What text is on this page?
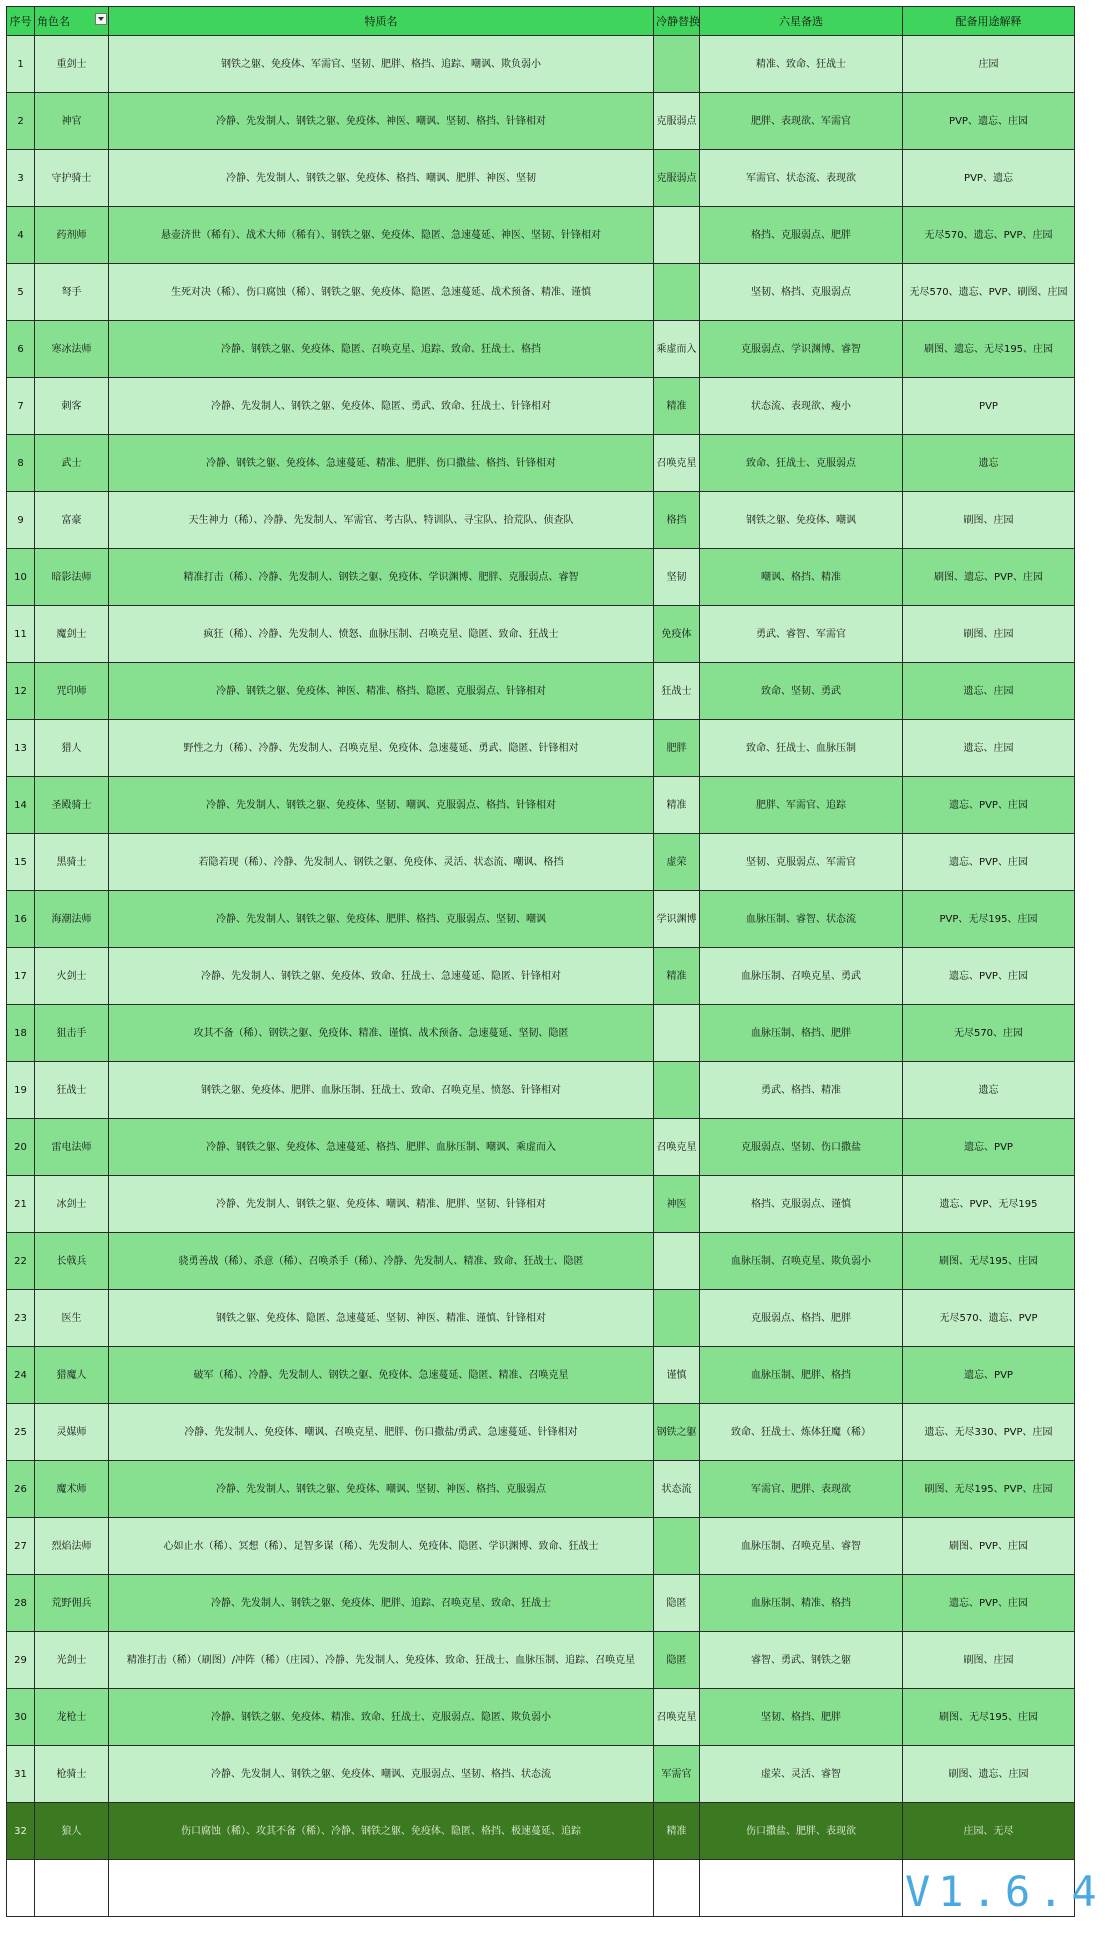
序号	角色名	特质名	冷静替换	六星备选	配备用途解释
1	重剑士	钢铁之躯、免疫体、军需官、坚韧、肥胖、格挡、追踪、嘲讽、欺负弱小		精准、致命、狂战士	庄园
2	神官	冷静、先发制人、钢铁之躯、免疫体、神医、嘲讽、坚韧、格挡、针锋相对	克服弱点	肥胖、表现欲、军需官	PVP、遗忘、庄园
3	守护骑士	冷静、先发制人、钢铁之躯、免疫体、格挡、嘲讽、肥胖、神医、坚韧	克服弱点	军需官、状态流、表现欲	PVP、遗忘
4	药剂师	悬壶济世（稀有）、战术大师（稀有）、钢铁之躯、免疫体、隐匿、急速蔓延、神医、坚韧、针锋相对		格挡、克服弱点、肥胖	无尽570、遗忘、PVP、庄园
5	弩手	生死对决（稀）、伤口腐蚀（稀）、钢铁之躯、免疫体、隐匿、急速蔓延、战术预备、精准、谨慎		坚韧、格挡、克服弱点	无尽570、遗忘、PVP、刷图、庄园
6	寒冰法师	冷静、钢铁之躯、免疫体、隐匿、召唤克星、追踪、致命、狂战士、格挡	乘虚而入	克服弱点、学识渊博、睿智	刷图、遗忘、无尽195、庄园
7	刺客	冷静、先发制人、钢铁之躯、免疫体、隐匿、勇武、致命、狂战士、针锋相对	精准	状态流、表现欲、瘦小	PVP
8	武士	冷静、钢铁之躯、免疫体、急速蔓延、精准、肥胖、伤口撒盐、格挡、针锋相对	召唤克星	致命、狂战士、克服弱点	遗忘
9	富豪	天生神力（稀）、冷静、先发制人、军需官、考古队、特训队、寻宝队、拾荒队、侦查队	格挡	钢铁之躯、免疫体、嘲讽	刷图、庄园
10	暗影法师	精准打击（稀）、冷静、先发制人、钢铁之躯、免疫体、学识渊博、肥胖、克服弱点、睿智	坚韧	嘲讽、格挡、精准	刷图、遗忘、PVP、庄园
11	魔剑士	疯狂（稀）、冷静、先发制人、愤怒、血脉压制、召唤克星、隐匿、致命、狂战士	免疫体	勇武、睿智、军需官	刷图、庄园
12	咒印师	冷静、钢铁之躯、免疫体、神医、精准、格挡、隐匿、克服弱点、针锋相对	狂战士	致命、坚韧、勇武	遗忘、庄园
13	猎人	野性之力（稀）、冷静、先发制人、召唤克星、免疫体、急速蔓延、勇武、隐匿、针锋相对	肥胖	致命、狂战士、血脉压制	遗忘、庄园
14	圣殿骑士	冷静、先发制人、钢铁之躯、免疫体、坚韧、嘲讽、克服弱点、格挡、针锋相对	精准	肥胖、军需官、追踪	遗忘、PVP、庄园
15	黑骑士	若隐若现（稀）、冷静、先发制人、钢铁之躯、免疫体、灵活、状态流、嘲讽、格挡	虚荣	坚韧、克服弱点、军需官	遗忘、PVP、庄园
16	海潮法师	冷静、先发制人、钢铁之躯、免疫体、肥胖、格挡、克服弱点、坚韧、嘲讽	学识渊博	血脉压制、睿智、状态流	PVP、无尽195、庄园
17	火剑士	冷静、先发制人、钢铁之躯、免疫体、致命、狂战士、急速蔓延、隐匿、针锋相对	精准	血脉压制、召唤克星、勇武	遗忘、PVP、庄园
18	狙击手	攻其不备（稀）、钢铁之躯、免疫体、精准、谨慎、战术预备、急速蔓延、坚韧、隐匿		血脉压制、格挡、肥胖	无尽570、庄园
19	狂战士	钢铁之躯、免疫体、肥胖、血脉压制、狂战士、致命、召唤克星、愤怒、针锋相对		勇武、格挡、精准	遗忘
20	雷电法师	冷静、钢铁之躯、免疫体、急速蔓延、格挡、肥胖、血脉压制、嘲讽、乘虚而入	召唤克星	克服弱点、坚韧、伤口撒盐	遗忘、PVP
21	冰剑士	冷静、先发制人、钢铁之躯、免疫体、嘲讽、精准、肥胖、坚韧、针锋相对	神医	格挡、克服弱点、谨慎	遗忘、PVP、无尽195
22	长戟兵	骁勇善战（稀）、杀意（稀）、召唤杀手（稀）、冷静、先发制人、精准、致命、狂战士、隐匿		血脉压制、召唤克星、欺负弱小	刷图、无尽195、庄园
23	医生	钢铁之躯、免疫体、隐匿、急速蔓延、坚韧、神医、精准、谨慎、针锋相对		克服弱点、格挡、肥胖	无尽570、遗忘、PVP
24	猎魔人	破军（稀）、冷静、先发制人、钢铁之躯、免疫体、急速蔓延、隐匿、精准、召唤克星	谨慎	血脉压制、肥胖、格挡	遗忘、PVP
25	灵媒师	冷静、先发制人、免疫体、嘲讽、召唤克星、肥胖、伤口撒盐/勇武、急速蔓延、针锋相对	钢铁之躯	致命、狂战士、炼体狂魔（稀）	遗忘、无尽330、PVP、庄园
26	魔术师	冷静、先发制人、钢铁之躯、免疫体、嘲讽、坚韧、神医、格挡、克服弱点	状态流	军需官、肥胖、表现欲	刷图、无尽195、PVP、庄园
27	烈焰法师	心如止水（稀）、冥想（稀）、足智多谋（稀）、先发制人、免疫体、隐匿、学识渊博、致命、狂战士		血脉压制、召唤克星、睿智	刷图、PVP、庄园
28	荒野佣兵	冷静、先发制人、钢铁之躯、免疫体、肥胖、追踪、召唤克星、致命、狂战士	隐匿	血脉压制、精准、格挡	遗忘、PVP、庄园
29	光剑士	精准打击（稀）（刷图）/冲阵（稀）（庄园）、冷静、先发制人、免疫体、致命、狂战士、血脉压制、追踪、召唤克星	隐匿	睿智、勇武、钢铁之躯	刷图、庄园
30	龙枪士	冷静、钢铁之躯、免疫体、精准、致命、狂战士、克服弱点、隐匿、欺负弱小	召唤克星	坚韧、格挡、肥胖	刷图、无尽195、庄园
31	枪骑士	冷静、先发制人、钢铁之躯、免疫体、嘲讽、克服弱点、坚韧、格挡、状态流	军需官	虚荣、灵活、睿智	刷图、遗忘、庄园
32	狼人	伤口腐蚀（稀）、攻其不备（稀）、冷静、钢铁之躯、免疫体、隐匿、格挡、极速蔓延、追踪	精准	伤口撒盐、肥胖、表现欲	庄园、无尽
					V1.6.4
